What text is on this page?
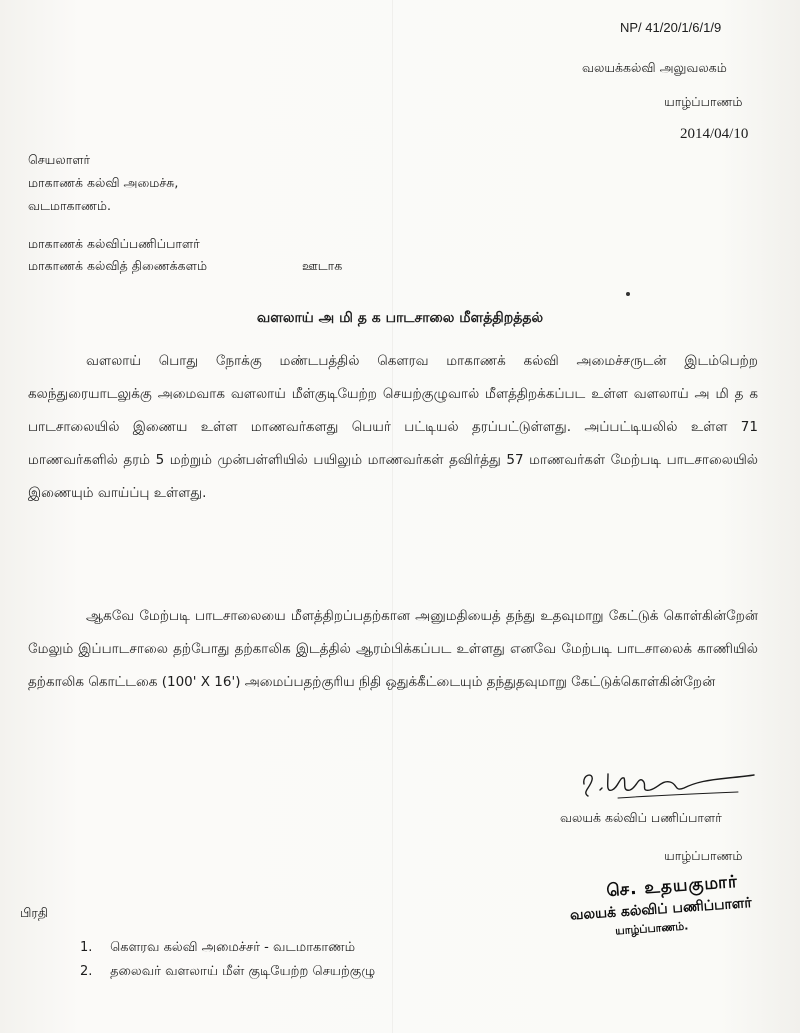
NP/ 41/20/1/6/1/9
வலயக்கல்வி அலுவலகம்
யாழ்ப்பாணம்
2014/04/10
செயலாளர்
மாகாணக் கல்வி அமைச்சு,
வடமாகாணம்.
மாகாணக் கல்விப்பணிப்பாளர்
மாகாணக் கல்வித் திணைக்களம்	ஊடாக
வளலாய் அ மி த க பாடசாலை மீளத்திறத்தல்

வளலாய் பொது நோக்கு மண்டபத்தில் கௌரவ மாகாணக் கல்வி அமைச்சருடன் இடம்பெற்ற கலந்துரையாடலுக்கு அமைவாக வளலாய் மீள்குடியேற்ற செயற்குழுவால் மீளத்திறக்கப்பட உள்ள வளலாய் அ மி த க பாடசாலையில் இணைய உள்ள மாணவர்களது பெயர் பட்டியல் தரப்பட்டுள்ளது. அப்பட்டியலில் உள்ள 71 மாணவர்களில் தரம் 5 மற்றும் முன்பள்ளியில் பயிலும் மாணவர்கள் தவிர்த்து 57 மாணவர்கள் மேற்படி பாடசாலையில் இணையும் வாய்ப்பு உள்ளது.

ஆகவே மேற்படி பாடசாலையை மீளத்திறப்பதற்கான அனுமதியைத் தந்து உதவுமாறு கேட்டுக் கொள்கின்றேன் மேலும் இப்பாடசாலை தற்போது தற்காலிக இடத்தில் ஆரம்பிக்கப்பட உள்ளது எனவே மேற்படி பாடசாலைக் காணியில் தற்காலிக கொட்டகை (100' X 16') அமைப்பதற்குரிய நிதி ஒதுக்கீட்டையும் தந்துதவுமாறு கேட்டுக்கொள்கின்றேன்

வலயக் கல்விப் பணிப்பாளர்
யாழ்ப்பாணம்
செ. உதயகுமார்
வலயக் கல்விப் பணிப்பாளர்
யாழ்ப்பாணம்.
பிரதி
1. கௌரவ கல்வி அமைச்சர் - வடமாகாணம்
2. தலைவர் வளலாய் மீள் குடியேற்ற செயற்குழு
